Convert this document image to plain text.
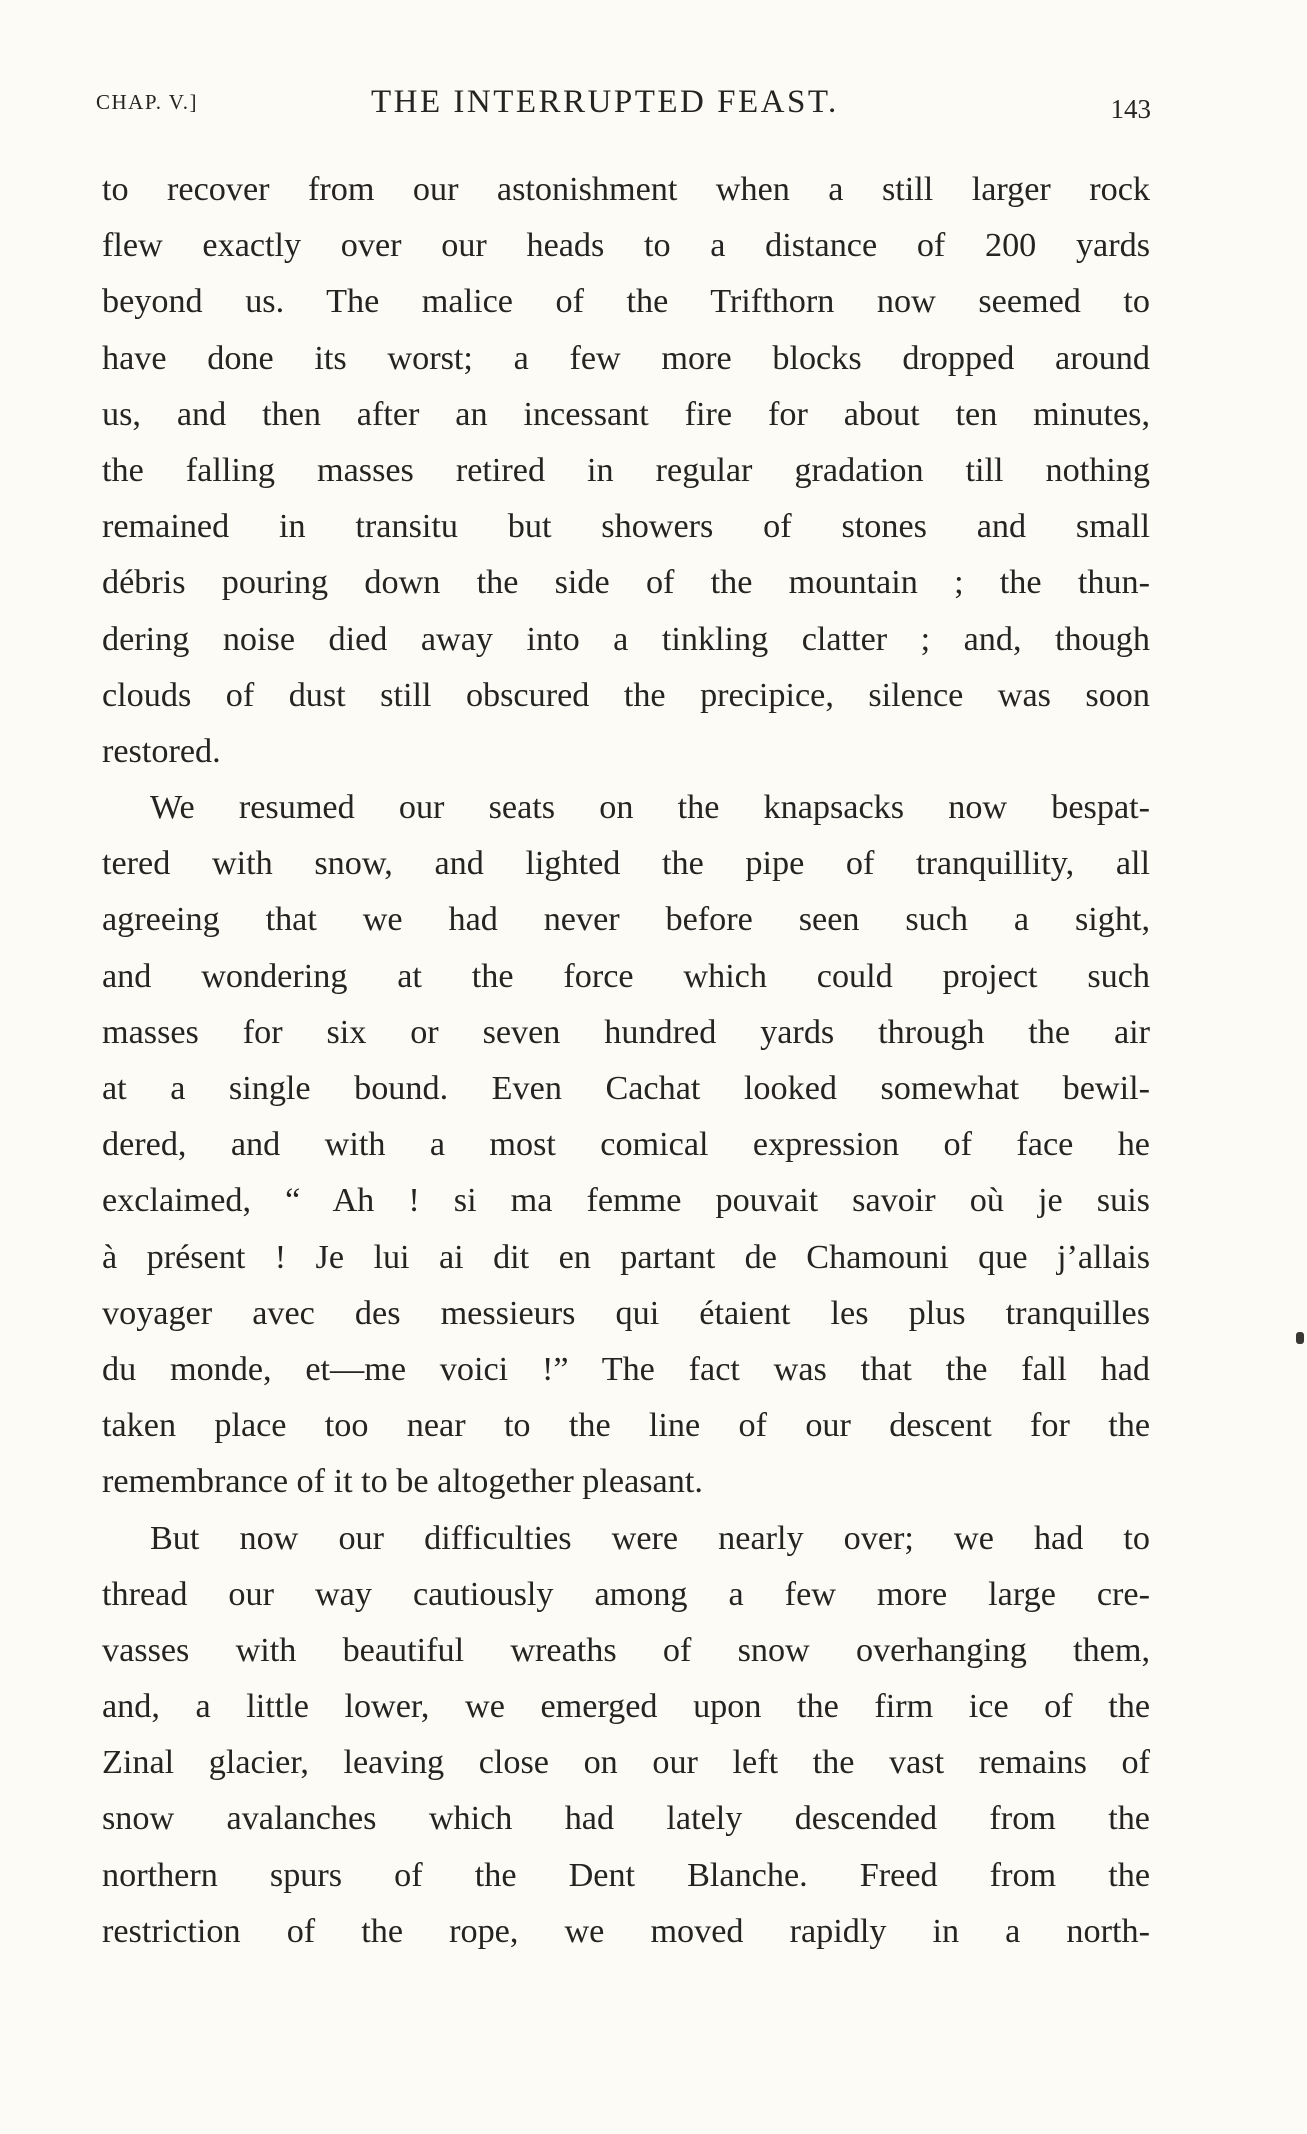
CHAP. V.]	THE INTERRUPTED FEAST.	143
to recover from our astonishment when a still larger rock
flew exactly over our heads to a distance of 200 yards
beyond us. The malice of the Trifthorn now seemed to
have done its worst; a few more blocks dropped around
us, and then after an incessant fire for about ten minutes,
the falling masses retired in regular gradation till nothing
remained in transitu but showers of stones and small
débris pouring down the side of the mountain ; the thun-
dering noise died away into a tinkling clatter ; and, though
clouds of dust still obscured the precipice, silence was soon
restored.
We resumed our seats on the knapsacks now bespat-
tered with snow, and lighted the pipe of tranquillity, all
agreeing that we had never before seen such a sight,
and wondering at the force which could project such
masses for six or seven hundred yards through the air
at a single bound. Even Cachat looked somewhat bewil-
dered, and with a most comical expression of face he
exclaimed, “ Ah ! si ma femme pouvait savoir où je suis
à présent ! Je lui ai dit en partant de Chamouni que j’allais
voyager avec des messieurs qui étaient les plus tranquilles
du monde, et—me voici !” The fact was that the fall had
taken place too near to the line of our descent for the
remembrance of it to be altogether pleasant.
But now our difficulties were nearly over; we had to
thread our way cautiously among a few more large cre-
vasses with beautiful wreaths of snow overhanging them,
and, a little lower, we emerged upon the firm ice of the
Zinal glacier, leaving close on our left the vast remains of
snow avalanches which had lately descended from the
northern spurs of the Dent Blanche. Freed from the
restriction of the rope, we moved rapidly in a north-
